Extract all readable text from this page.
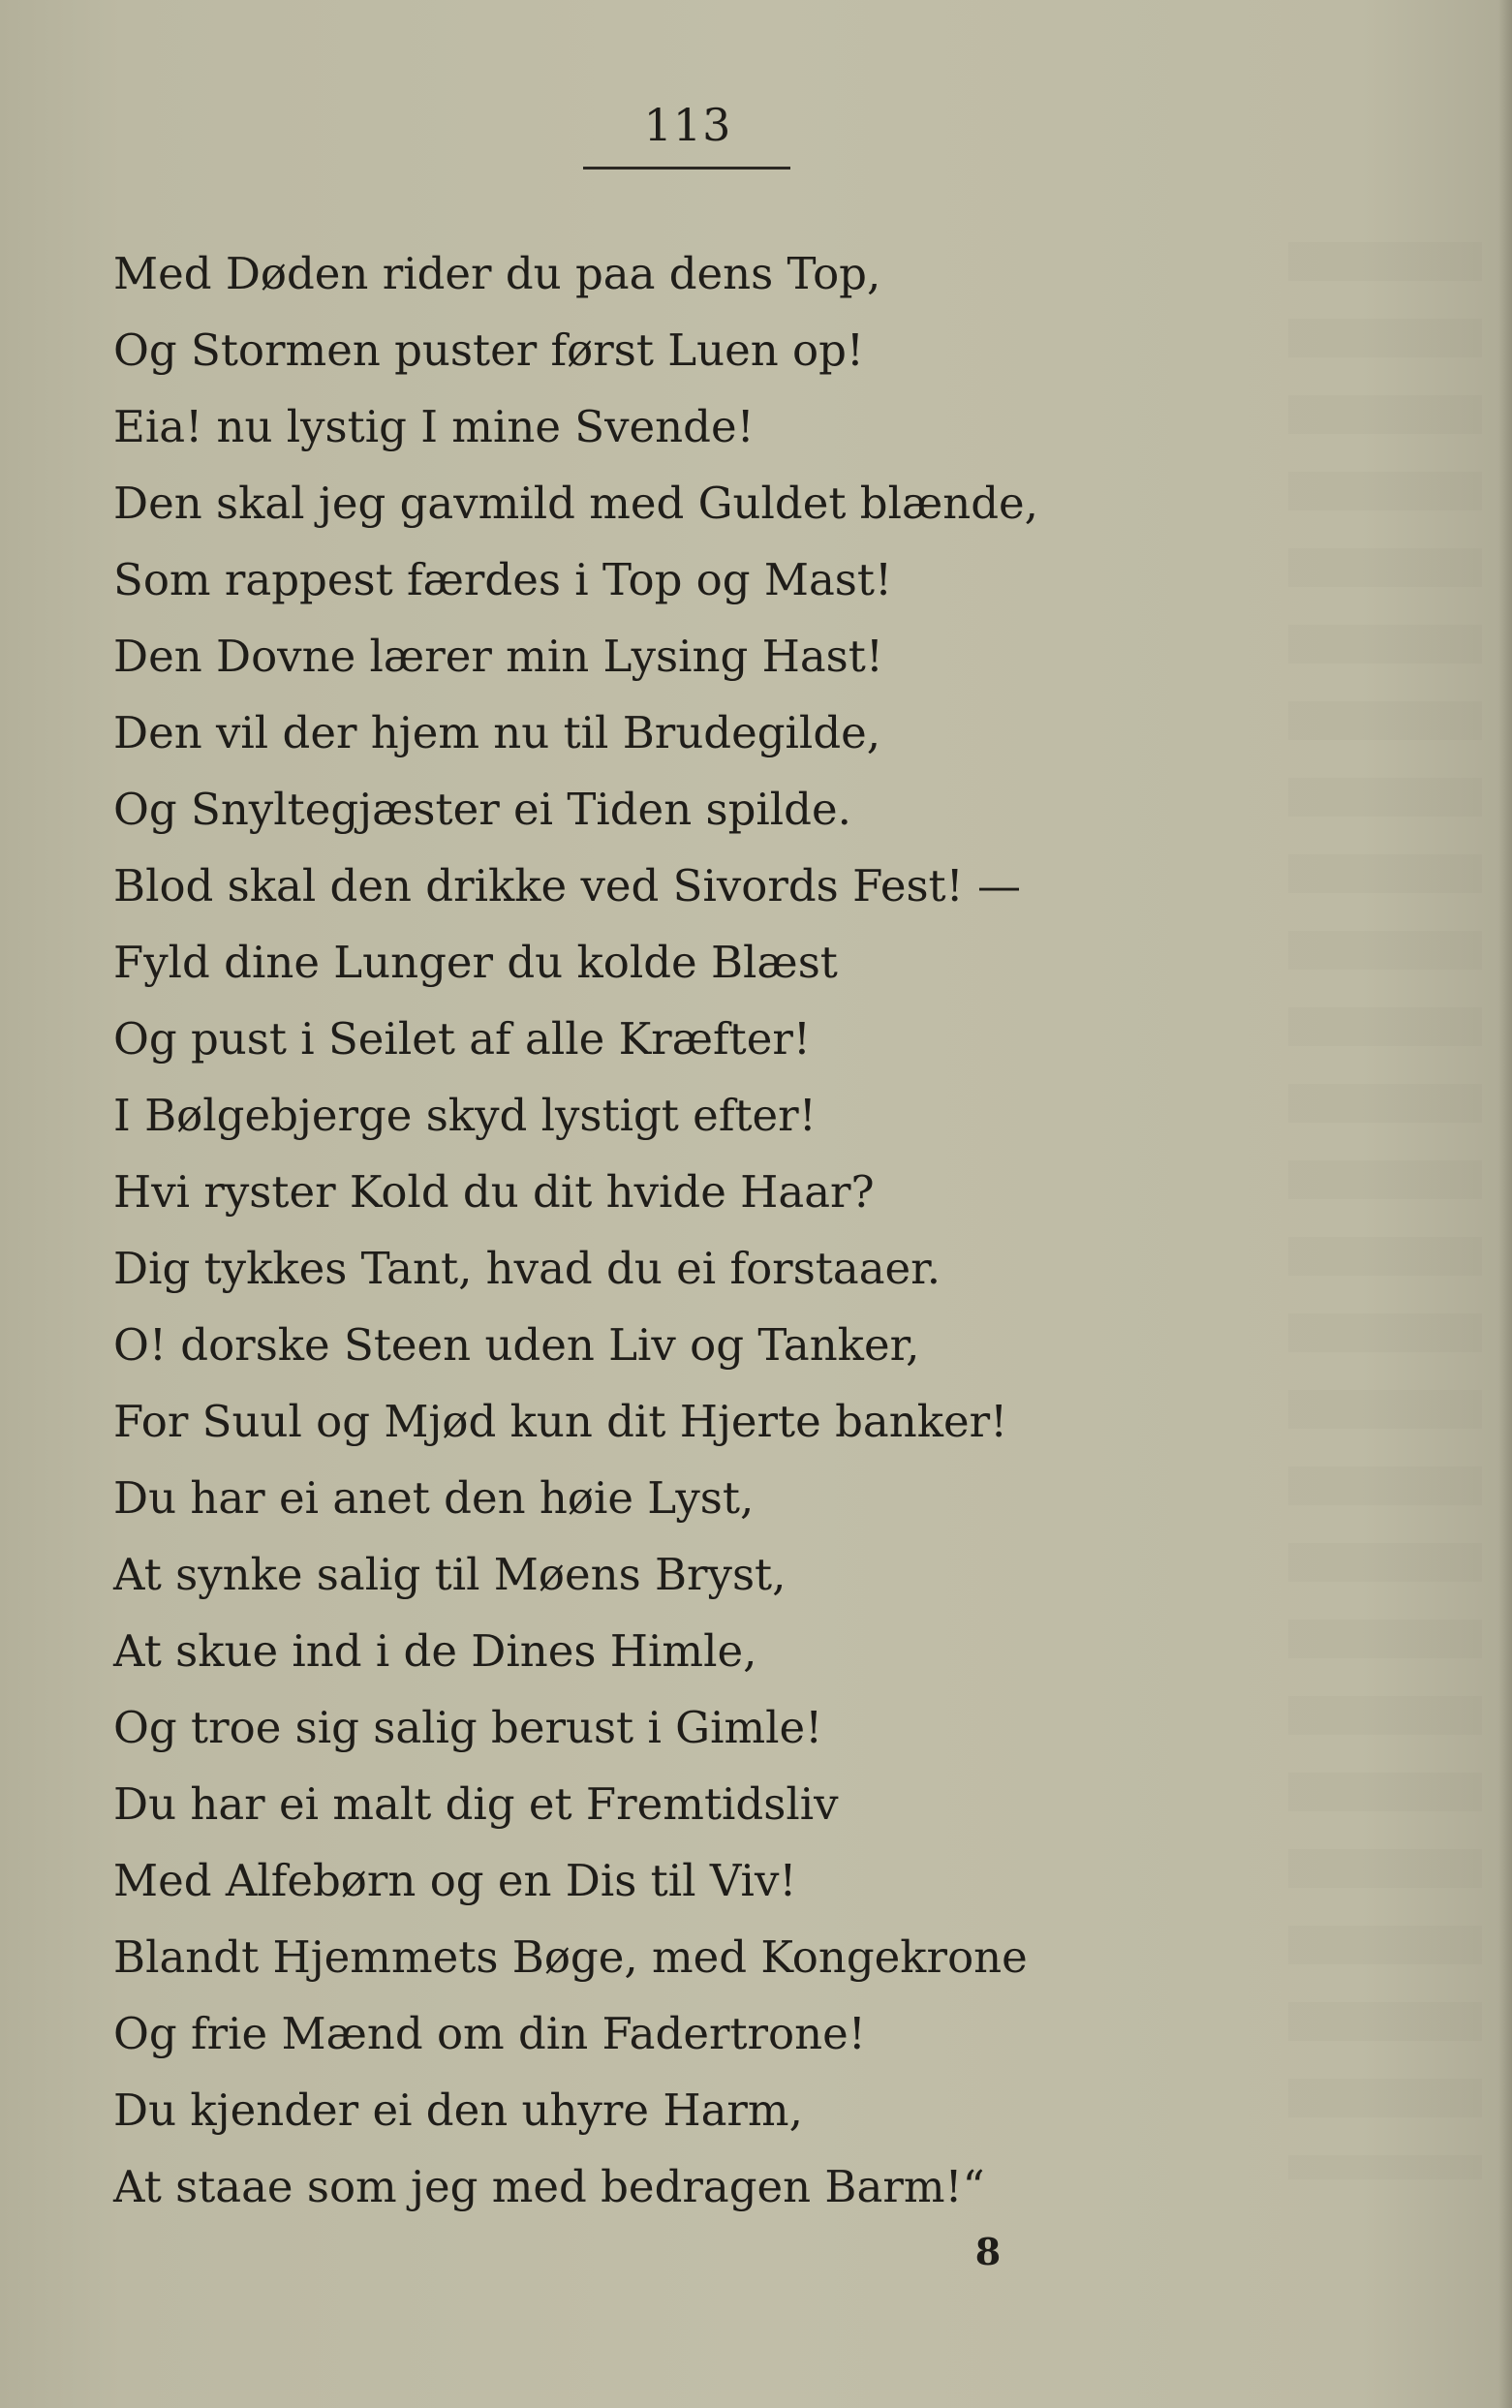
113
Med Døden rider du paa dens Top,
Og Stormen puster først Luen op!
Eia! nu lystig I mine Svende!
Den skal jeg gavmild med Guldet blænde,
Som rappest færdes i Top og Mast!
Den Dovne lærer min Lysing Hast!
Den vil der hjem nu til Brudegilde,
Og Snyltegjæster ei Tiden spilde.
Blod skal den drikke ved Sivords Fest! —
Fyld dine Lunger du kolde Blæst
Og pust i Seilet af alle Kræfter!
I Bølgebjerge skyd lystigt efter!
Hvi ryster Kold du dit hvide Haar?
Dig tykkes Tant, hvad du ei forstaaer.
O! dorske Steen uden Liv og Tanker,
For Suul og Mjød kun dit Hjerte banker!
Du har ei anet den høie Lyst,
At synke salig til Møens Bryst,
At skue ind i de Dines Himle,
Og troe sig salig berust i Gimle!
Du har ei malt dig et Fremtidsliv
Med Alfebørn og en Dis til Viv!
Blandt Hjemmets Bøge, med Kongekrone
Og frie Mænd om din Fadertrone!
Du kjender ei den uhyre Harm,
At staae som jeg med bedragen Barm!“
8
